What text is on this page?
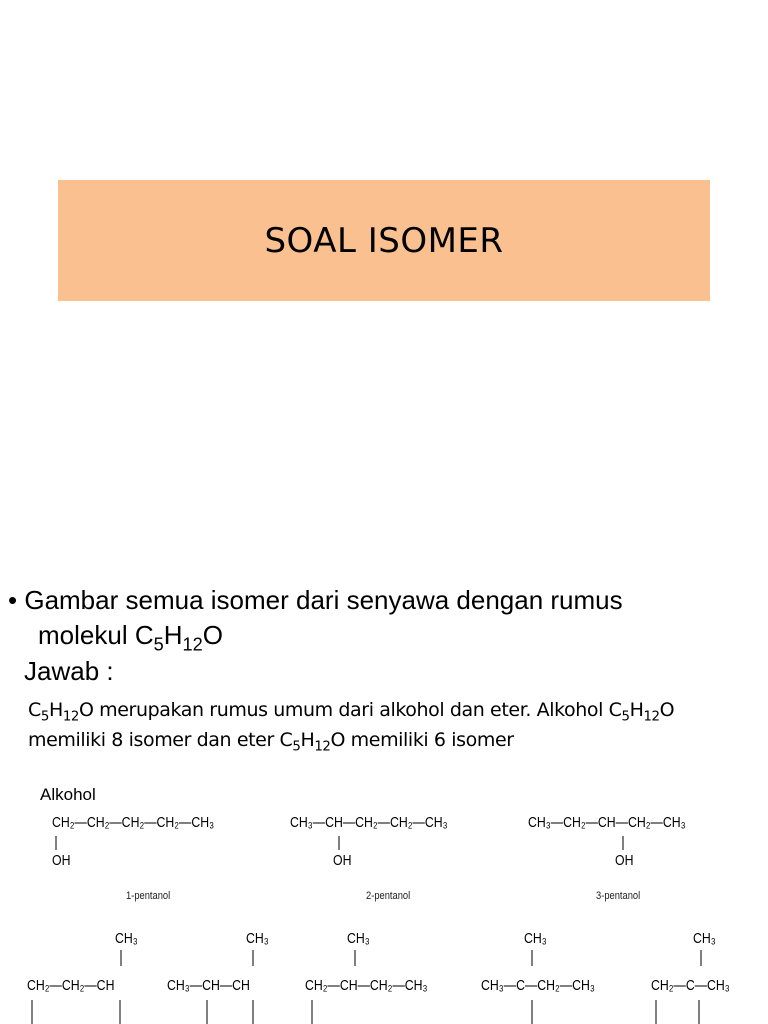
SOAL ISOMER
• Gambar semua isomer dari senyawa dengan rumus
molekul $C_5H_{12}O$
Jawab :
$C_5H_{12}O$ merupakan rumus umum dari alkohol dan eter. Alkohol $C_5H_{12}O$
memiliki 8 isomer dan eter $C_5H_{12}O$ memiliki 6 isomer
Alkohol
CH₂—CH₂—CH₂—CH₂—CH₃
OH
1-pentanol
CH₃—CH—CH₂—CH₂—CH₃
OH
2-pentanol
CH₃—CH₂—CH—CH₂—CH₃
OH
3-pentanol
CH₃
CH₂—CH₂—CH
CH₃
CH₃—CH—CH
CH₃
CH₂—CH—CH₂—CH₃
CH₃
CH₃—C—CH₂—CH₃
CH₃
CH₂—C—CH₃
